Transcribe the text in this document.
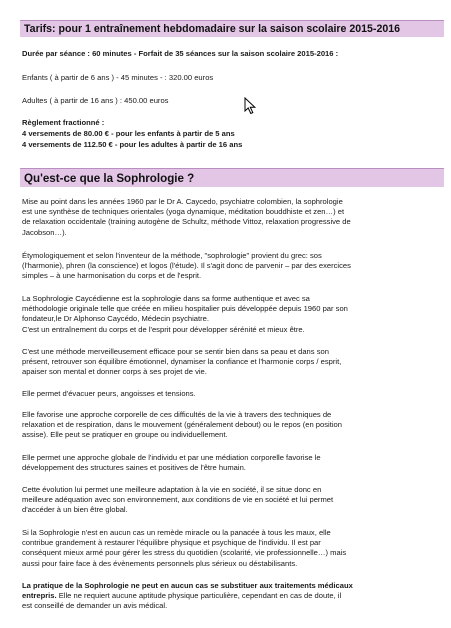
Tarifs: pour 1 entraînement hebdomadaire sur la saison scolaire 2015-2016
Durée par séance : 60 minutes - Forfait de 35 séances sur la saison scolaire 2015-2016 :
Enfants ( à partir de 6 ans ) - 45 minutes - : 320.00 euros
Adultes ( à partir de 16 ans ) : 450.00 euros
Règlement fractionné :
4 versements de 80.00 € - pour les enfants à partir de 5 ans
4 versements de 112.50 € - pour les adultes à partir de 16 ans
Qu'est-ce que la Sophrologie ?
Mise au point dans les années 1960 par le Dr A. Caycedo, psychiatre colombien, la sophrologie
est une synthèse de techniques orientales (yoga dynamique, méditation bouddhiste et zen…) et
de relaxation occidentale (training autogène de Schultz, méthode Vittoz, relaxation progressive de
Jacobson…).
Étymologiquement et selon l'inventeur de la méthode, "sophrologie" provient du grec: sos
(l'harmonie), phren (la conscience) et logos (l'étude). Il s'agit donc de parvenir – par des exercices
simples – à une harmonisation du corps et de l'esprit.
La Sophrologie Caycédienne est la sophrologie dans sa forme authentique et avec sa
méthodologie originale telle que créée en milieu hospitalier puis développée depuis 1960 par son
fondateur,le Dr Alphonso Caycédo, Médecin psychiatre.
C'est un entraînement du corps et de l'esprit pour développer sérénité et mieux être.
C'est une méthode merveilleusement efficace pour se sentir bien dans sa peau et dans son
présent, retrouver son équilibre émotionnel, dynamiser la confiance et l'harmonie corps / esprit,
apaiser son mental et donner corps à ses projet de vie.
Elle permet d'évacuer peurs, angoisses et tensions.
Elle favorise une approche corporelle de ces difficultés de la vie à travers des techniques de
relaxation et de respiration, dans le mouvement (généralement debout) ou le repos (en position
assise). Elle peut se pratiquer en groupe ou individuellement.
Elle permet une approche globale de l'individu et par une médiation corporelle favorise le
développement des structures saines et positives de l'être humain.
Cette évolution lui permet une meilleure adaptation à la vie en société, il se situe donc en
meilleure adéquation avec son environnement, aux conditions de vie en société et lui permet
d'accéder à un bien être global.
Si la Sophrologie n'est en aucun cas un remède miracle ou la panacée à tous les maux, elle
contribue grandement à restaurer l'équilibre physique et psychique de l'individu. Il est par
conséquent mieux armé pour gérer les stress du quotidien (scolarité, vie professionnelle…) mais
aussi pour faire face à des évènements personnels plus sérieux ou déstabilisants.
La pratique de la Sophrologie ne peut en aucun cas se substituer aux traitements médicaux
entrepris. Elle ne requiert aucune aptitude physique particulière, cependant en cas de doute, il
est conseillé de demander un avis médical.
